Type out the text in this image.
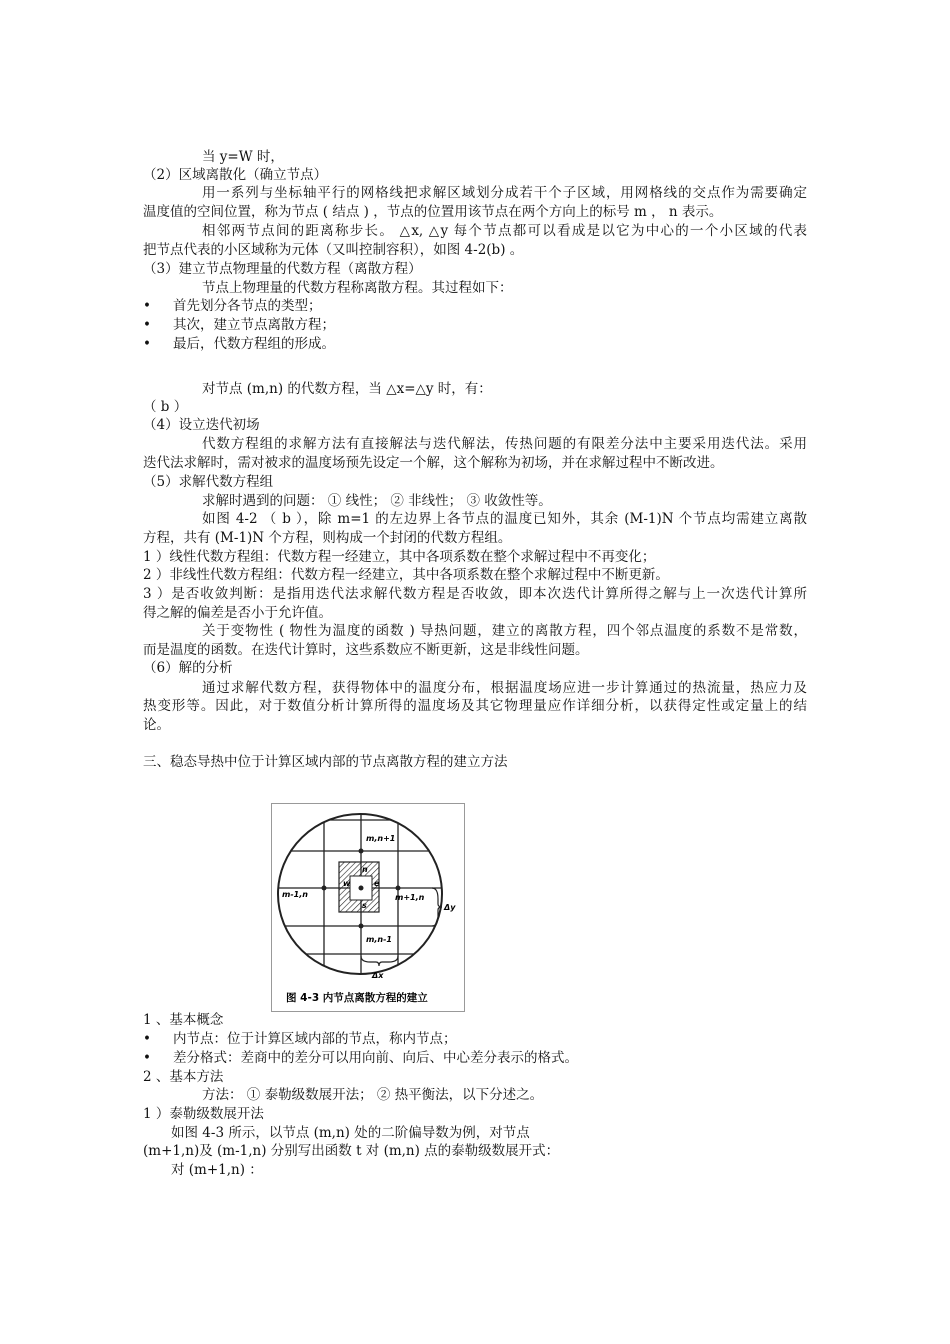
当 y=W 时，
（2）区域离散化（确立节点）
用一系列与坐标轴平行的网格线把求解区域划分成若干个子区域，用网格线的交点作为需要确定
温度值的空间位置，称为节点 ( 结点 ) ，节点的位置用该节点在两个方向上的标号 m ， n 表示。
相邻两节点间的距离称步长。 △x, △y 每个节点都可以看成是以它为中心的一个小区域的代表
把节点代表的小区域称为元体（又叫控制容积），如图 4-2(b) 。
（3）建立节点物理量的代数方程（离散方程）
节点上物理量的代数方程称离散方程。其过程如下：
• 首先划分各节点的类型；
• 其次，建立节点离散方程；
• 最后，代数方程组的形成。
对节点 (m,n) 的代数方程，当 △x=△y 时，有：
（ b ）
（4）设立迭代初场
代数方程组的求解方法有直接解法与迭代解法，传热问题的有限差分法中主要采用迭代法。采用
迭代法求解时，需对被求的温度场预先设定一个解，这个解称为初场，并在求解过程中不断改进。
（5）求解代数方程组
求解时遇到的问题： ① 线性； ② 非线性； ③ 收敛性等。
如图 4-2 （ b ），除 m=1 的左边界上各节点的温度已知外，其余 (M-1)N 个节点均需建立离散
方程，共有 (M-1)N 个方程，则构成一个封闭的代数方程组。
1 ）线性代数方程组：代数方程一经建立，其中各项系数在整个求解过程中不再变化；
2 ）非线性代数方程组：代数方程一经建立，其中各项系数在整个求解过程中不断更新。
3 ）是否收敛判断：是指用迭代法求解代数方程是否收敛，即本次迭代计算所得之解与上一次迭代计算所
得之解的偏差是否小于允许值。
关于变物性 ( 物性为温度的函数 ) 导热问题，建立的离散方程，四个邻点温度的系数不是常数，
而是温度的函数。在迭代计算时，这些系数应不断更新，这是非线性问题。
（6）解的分析
通过求解代数方程，获得物体中的温度分布，根据温度场应进一步计算通过的热流量，热应力及
热变形等。因此，对于数值分析计算所得的温度场及其它物理量应作详细分析，以获得定性或定量上的结
论。
三、稳态导热中位于计算区域内部的节点离散方程的建立方法
m,n+1
m-1,n	m+1,n
m,n-1
n
s
w	e
Δy
Δx
图 4-3 内节点离散方程的建立
1 、基本概念
• 内节点：位于计算区域内部的节点，称内节点；
• 差分格式：差商中的差分可以用向前、向后、中心差分表示的格式。
2 、基本方法
方法： ① 泰勒级数展开法； ② 热平衡法，以下分述之。
1 ）泰勒级数展开法
如图 4-3 所示，以节点 (m,n) 处的二阶偏导数为例，对节点
(m+1,n)及 (m-1,n) 分别写出函数 t 对 (m,n) 点的泰勒级数展开式：
对 (m+1,n) ：
